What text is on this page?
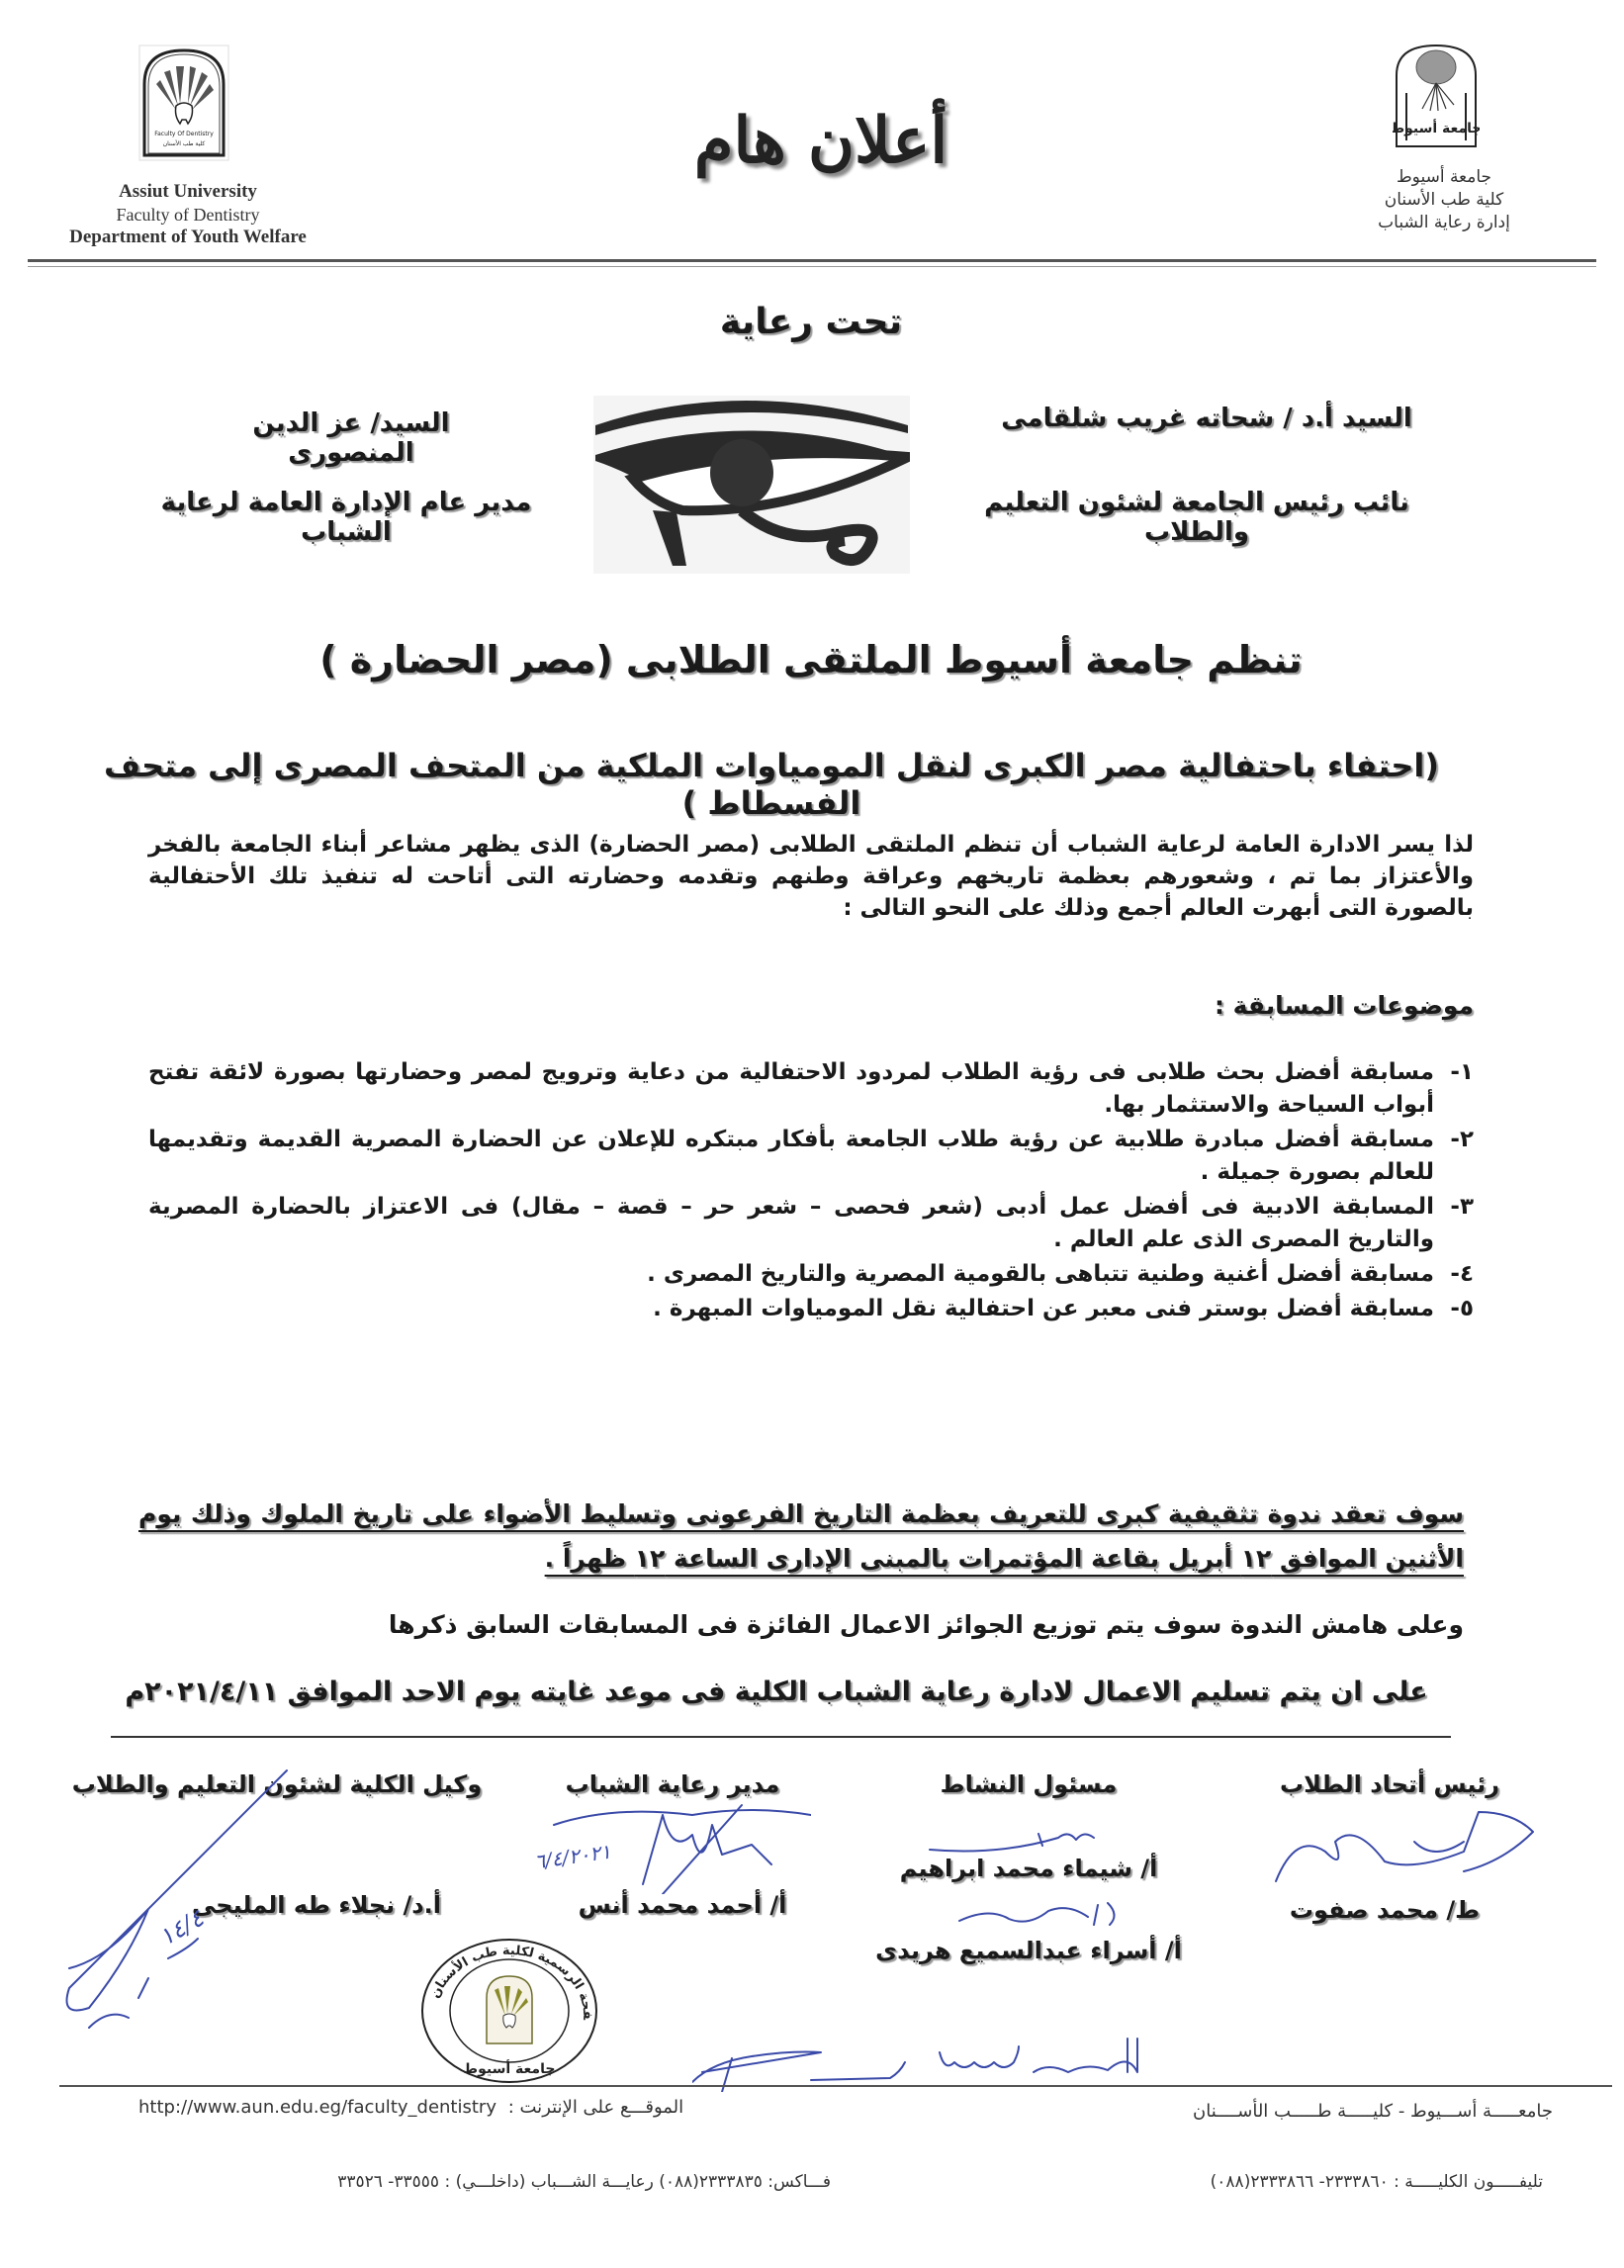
Faculty Of Dentistry
كلية طب الأسنان
Assiut University
Faculty of Dentistry
Department of Youth Welfare
أعلان هام	جامعة أسيوط
جامعة أسيوط
كلية طب الأسنان
إدارة رعاية الشباب
تحت رعاية
السيد أ.د / شحاته غريب شلقامى
نائب رئيس الجامعة لشئون التعليم والطلاب
السيد/ عز الدين المنصورى
مدير عام الإدارة العامة لرعاية الشباب
تنظم جامعة أسيوط الملتقى الطلابى (مصر الحضارة )
(احتفاء باحتفالية مصر الكبرى لنقل المومياوات الملكية من المتحف المصرى إلى متحف الفسطاط )
لذا يسر الادارة العامة لرعاية الشباب أن تنظم الملتقى الطلابى (مصر الحضارة) الذى يظهر مشاعر أبناء الجامعة بالفخر والأعتزاز بما تم ، وشعورهم بعظمة تاريخهم وعراقة وطنهم وتقدمه وحضارته التى أتاحت له تنفيذ تلك الأحتفالية بالصورة التى أبهرت العالم أجمع وذلك على النحو التالى :
موضوعات المسابقة :
١-
مسابقة أفضل بحث طلابى فى رؤية الطلاب لمردود الاحتفالية من دعاية وترويج لمصر وحضارتها بصورة لائقة تفتح أبواب السياحة والاستثمار بها.
٢-
مسابقة أفضل مبادرة طلابية عن رؤية طلاب الجامعة بأفكار مبتكره للإعلان عن الحضارة المصرية القديمة وتقديمها للعالم بصورة جميلة .
٣-
المسابقة الادبية فى أفضل عمل أدبى (شعر فحصى – شعر حر – قصة – مقال) فى الاعتزاز بالحضارة المصرية والتاريخ المصرى الذى علم العالم .
٤-
مسابقة أفضل أغنية وطنية تتباهى بالقومية المصرية والتاريخ المصرى .
٥-
مسابقة أفضل بوستر فنى معبر عن احتفالية نقل المومياوات المبهرة .
سوف تعقد ندوة تثقيفية كبرى للتعريف بعظمة التاريخ الفرعونى وتسليط الأضواء على تاريخ الملوك وذلك يوم الأثنين الموافق ١٢ أبريل بقاعة المؤتمرات بالمبنى الإدارى الساعة ١٢ ظهراً .
وعلى هامش الندوة سوف يتم توزيع الجوائز الاعمال الفائزة فى المسابقات السابق ذكرها
على ان يتم تسليم الاعمال لادارة رعاية الشباب الكلية فى موعد غايته يوم الاحد الموافق ٢٠٢١/٤/١١م
رئيس أتحاد الطلاب
ط/ محمد صفوت
مسئول النشاط
أ/ شيماء محمد ابراهيم
أ/ أسراء عبدالسميع هريدى
مدير رعاية الشباب
أ/ أحمد محمد أنس
وكيل الكلية لشئون التعليم والطلاب
أ.د/ نجلاء طه المليجى
٦/٤/٢٠٢١
١٤/٤
فحة الرسمية لكلية طب الأسنان
جامعة أسيوط
الموقـــع على الإنترنت : http://www.aun.edu.eg/faculty_dentistry	جامعـــــة أســـيوط - كليـــــة طـــــب الأســــنان
فـــاكس: ٢٣٣٣٨٣٥(٠٨٨) رعايـــة الشـــباب (داخلـــي) : ٣٣٥٥٥- ٣٣٥٢٦	تليفـــــون الكليـــــة : ٢٣٣٣٨٦٠- ٢٣٣٣٨٦٦(٠٨٨)
